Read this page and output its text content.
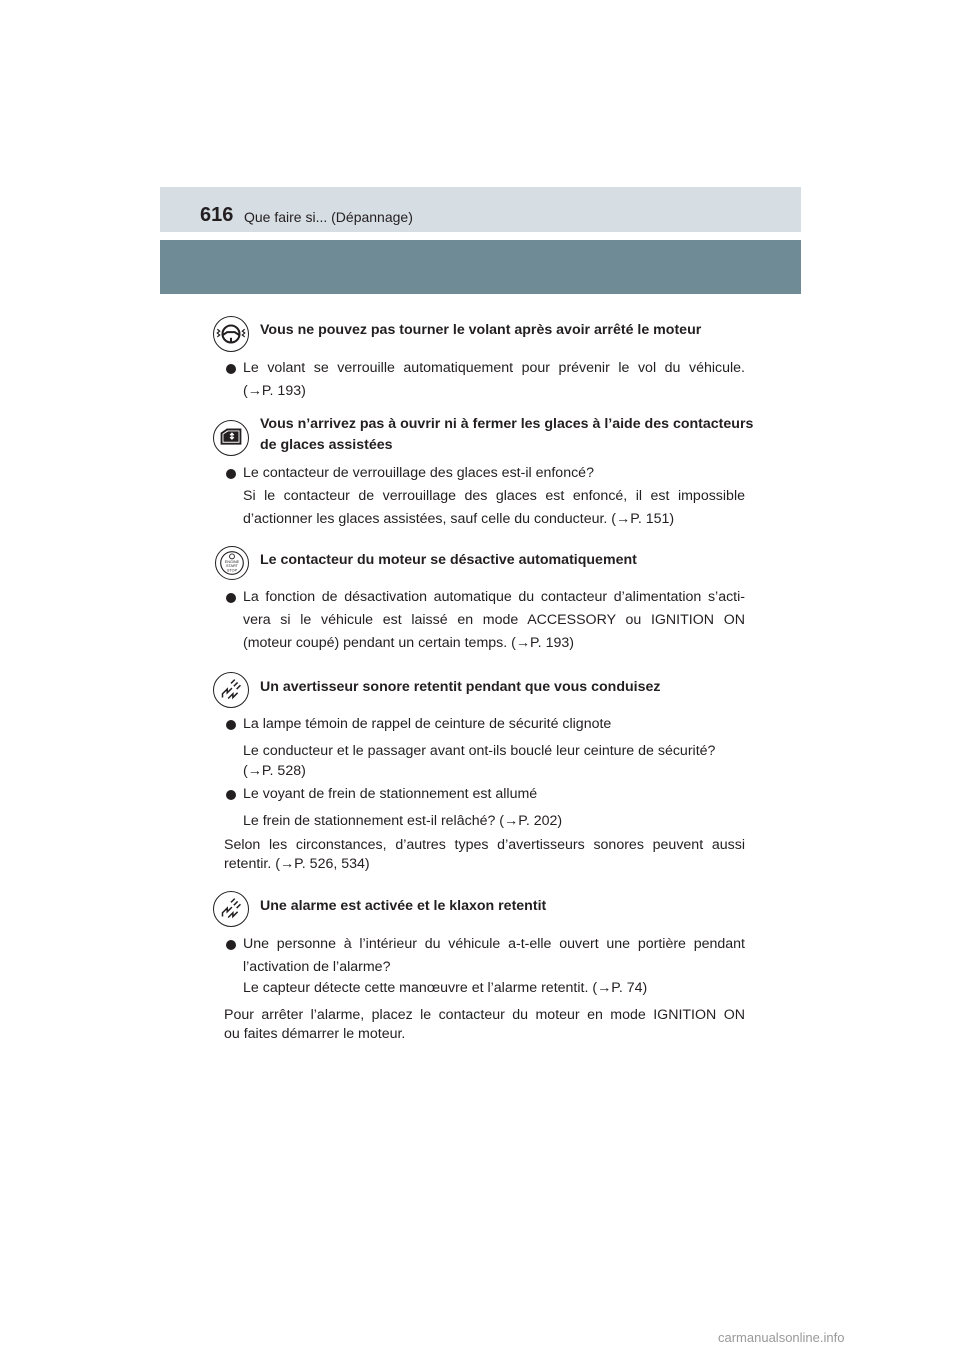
616 Que faire si... (Dépannage)
Vous ne pouvez pas tourner le volant après avoir arrêté le moteur
Le volant se verrouille automatiquement pour prévenir le vol du véhicule.
(→P. 193)
Vous n’arrivez pas à ouvrir ni à fermer les glaces à l’aide des contacteurs
de glaces assistées
Le contacteur de verrouillage des glaces est-il enfoncé?
Si le contacteur de verrouillage des glaces est enfoncé, il est impossible
d’actionner les glaces assistées, sauf celle du conducteur. (→P. 151)
ENGINE
START
STOP
Le contacteur du moteur se désactive automatiquement
La fonction de désactivation automatique du contacteur d’alimentation s’acti-
vera si le véhicule est laissé en mode ACCESSORY ou IGNITION ON
(moteur coupé) pendant un certain temps. (→P. 193)
Un avertisseur sonore retentit pendant que vous conduisez
La lampe témoin de rappel de ceinture de sécurité clignote
Le conducteur et le passager avant ont-ils bouclé leur ceinture de sécurité?
(→P. 528)
Le voyant de frein de stationnement est allumé
Le frein de stationnement est-il relâché? (→P. 202)
Selon les circonstances, d’autres types d’avertisseurs sonores peuvent aussi
retentir. (→P. 526, 534)
Une alarme est activée et le klaxon retentit
Une personne à l’intérieur du véhicule a-t-elle ouvert une portière pendant
l’activation de l’alarme?
Le capteur détecte cette manœuvre et l’alarme retentit. (→P. 74)
Pour arrêter l’alarme, placez le contacteur du moteur en mode IGNITION ON
ou faites démarrer le moteur.
carmanualsonline.info
